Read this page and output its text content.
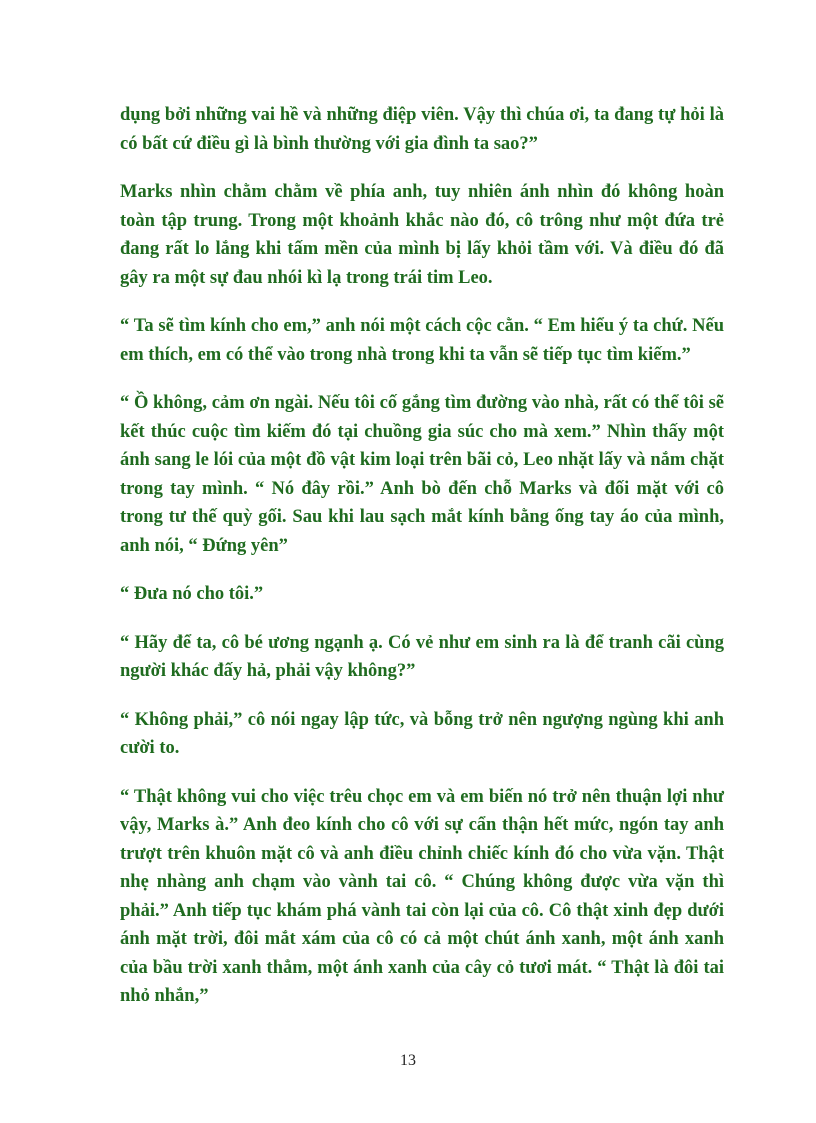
dụng bởi những vai hề và những điệp viên. Vậy thì chúa ơi, ta đang tự hỏi là có bất cứ điều gì là bình thường với gia đình ta sao?”

Marks nhìn chằm chằm về phía anh, tuy nhiên ánh nhìn đó không hoàn toàn tập trung. Trong một khoảnh khắc nào đó, cô trông như một đứa trẻ đang rất lo lắng khi tấm mền của mình bị lấy khỏi tầm với. Và điều đó đã gây ra một sự đau nhói kì lạ trong trái tim Leo.

“ Ta sẽ tìm kính cho em,” anh nói một cách cộc cằn. “ Em hiểu ý ta chứ. Nếu em thích, em có thể vào trong nhà trong khi ta vẫn sẽ tiếp tục tìm kiếm.”

“ Ồ không, cảm ơn ngài. Nếu tôi cố gắng tìm đường vào nhà, rất có thể tôi sẽ kết thúc cuộc tìm kiếm đó tại chuồng gia súc cho mà xem.” Nhìn thấy một ánh sang le lói của một đồ vật kim loại trên bãi cỏ, Leo nhặt lấy và nắm chặt trong tay mình. “ Nó đây rồi.” Anh bò đến chỗ Marks và đối mặt với cô trong tư thế quỳ gối. Sau khi lau sạch mắt kính bằng ống tay áo của mình, anh nói, “ Đứng yên”

“ Đưa nó cho tôi.”

“ Hãy để ta, cô bé ương ngạnh ạ. Có vẻ như em sinh ra là để tranh cãi cùng người khác đấy hả, phải vậy không?”

“ Không phải,” cô nói ngay lập tức, và bỗng trở nên ngượng ngùng khi anh cười to.

“ Thật không vui cho việc trêu chọc em và em biến nó trở nên thuận lợi như vậy, Marks à.” Anh đeo kính cho cô với sự cẩn thận hết mức, ngón tay anh trượt trên khuôn mặt cô và anh điều chỉnh chiếc kính đó cho vừa vặn. Thật nhẹ nhàng anh chạm vào vành tai cô. “ Chúng không được vừa vặn thì phải.” Anh tiếp tục khám phá vành tai còn lại của cô. Cô thật xinh đẹp dưới ánh mặt trời, đôi mắt xám của cô có cả một chút ánh xanh, một ánh xanh của bầu trời xanh thẳm, một ánh xanh của cây cỏ tươi mát. “ Thật là đôi tai nhỏ nhắn,”

13
